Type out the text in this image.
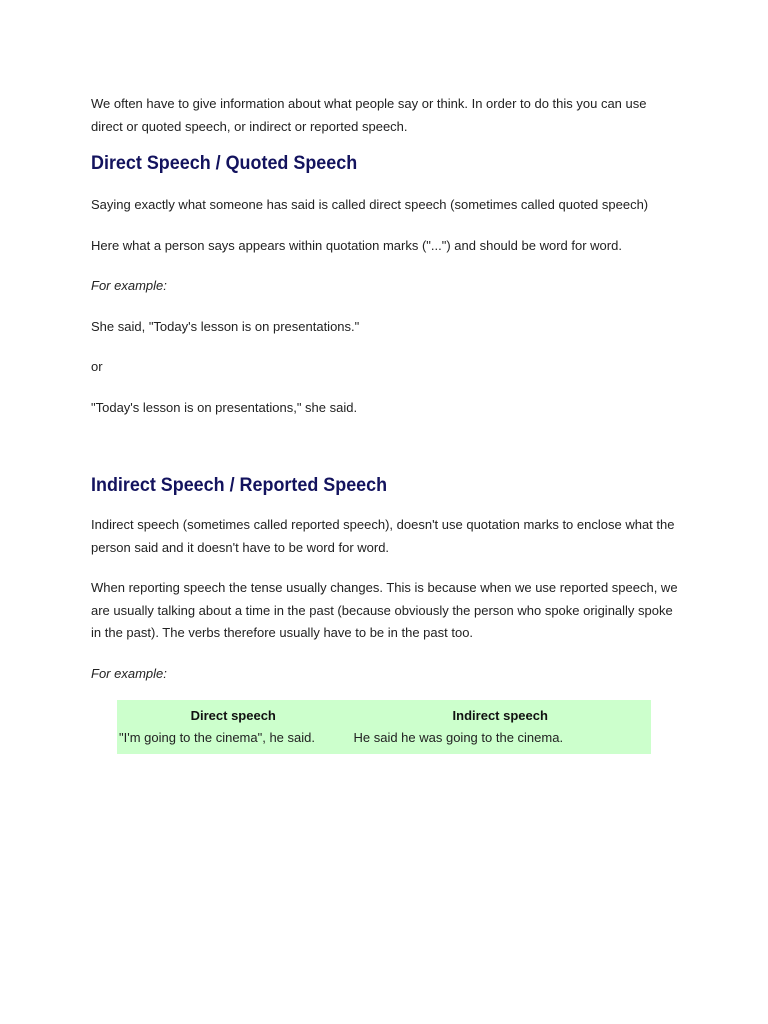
We often have to give information about what people say or think. In order to do this you can use direct or quoted speech, or indirect or reported speech.

Direct Speech / Quoted Speech

Saying exactly what someone has said is called direct speech (sometimes called quoted speech)

Here what a person says appears within quotation marks ("...") and should be word for word.

For example:

She said, "Today's lesson is on presentations."

or

"Today's lesson is on presentations," she said.

Indirect Speech / Reported Speech

Indirect speech (sometimes called reported speech), doesn't use quotation marks to enclose what the person said and it doesn't have to be word for word.

When reporting speech the tense usually changes. This is because when we use reported speech, we are usually talking about a time in the past (because obviously the person who spoke originally spoke in the past). The verbs therefore usually have to be in the past too.

For example:

Direct speech	Indirect speech
"I'm going to the cinema", he said.	He said he was going to the cinema.
